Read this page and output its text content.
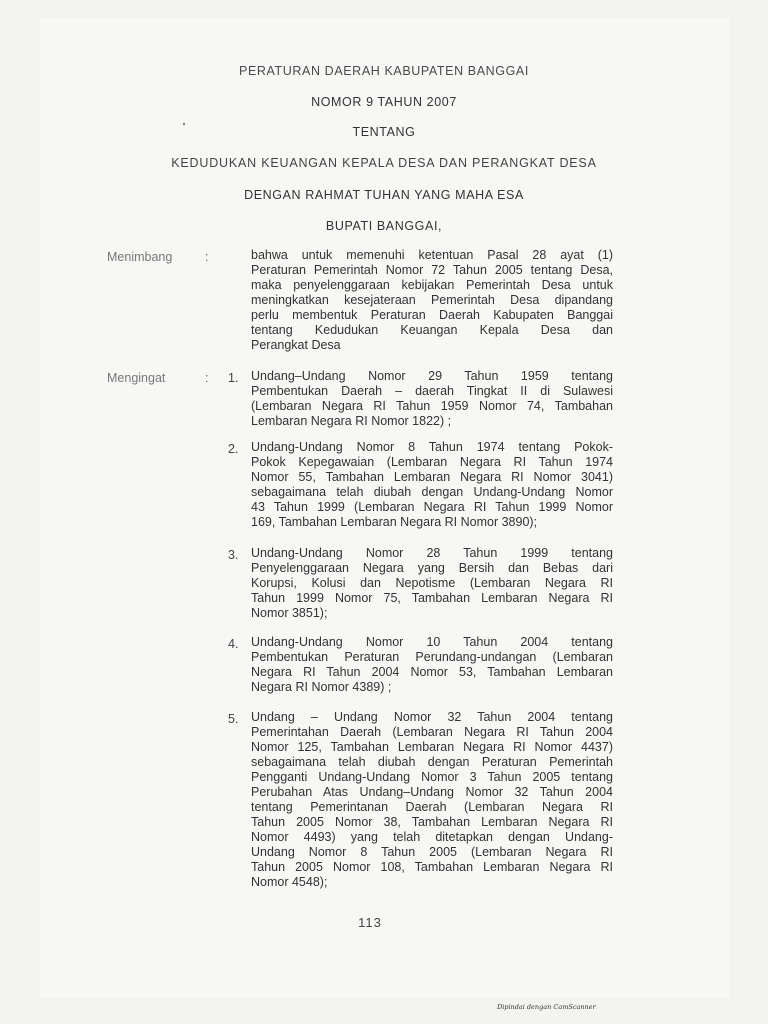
PERATURAN DAERAH KABUPATEN BANGGAI
NOMOR 9 TAHUN 2007
TENTANG
KEDUDUKAN KEUANGAN KEPALA DESA DAN PERANGKAT DESA
DENGAN RAHMAT TUHAN YANG MAHA ESA
BUPATI BANGGAI,
Menimbang	:	bahwa untuk memenuhi ketentuan Pasal 28 ayat (1)
Peraturan Pemerintah Nomor 72 Tahun 2005 tentang Desa,
maka penyelenggaraan kebijakan Pemerintah Desa untuk
meningkatkan kesejateraan Pemerintah Desa dipandang
perlu membentuk Peraturan Daerah Kabupaten Banggai
tentang Kedudukan Keuangan Kepala Desa dan
Perangkat Desa
Mengingat	: 1. Undang–Undang Nomor 29 Tahun 1959 tentang
Pembentukan Daerah – daerah Tingkat II di Sulawesi
(Lembaran Negara RI Tahun 1959 Nomor 74, Tambahan
Lembaran Negara RI Nomor 1822) ;
2. Undang-Undang Nomor 8 Tahun 1974 tentang Pokok-
Pokok Kepegawaian (Lembaran Negara RI Tahun 1974
Nomor 55, Tambahan Lembaran Negara RI Nomor 3041)
sebagaimana telah diubah dengan Undang-Undang Nomor
43 Tahun 1999 (Lembaran Negara RI Tahun 1999 Nomor
169, Tambahan Lembaran Negara RI Nomor 3890);
3. Undang-Undang Nomor 28 Tahun 1999 tentang
Penyelenggaraan Negara yang Bersih dan Bebas dari
Korupsi, Kolusi dan Nepotisme (Lembaran Negara RI
Tahun 1999 Nomor 75, Tambahan Lembaran Negara RI
Nomor 3851);
4. Undang-Undang Nomor 10 Tahun 2004 tentang
Pembentukan Peraturan Perundang-undangan (Lembaran
Negara RI Tahun 2004 Nomor 53, Tambahan Lembaran
Negara RI Nomor 4389) ;
5. Undang – Undang Nomor 32 Tahun 2004 tentang
Pemerintahan Daerah (Lembaran Negara RI Tahun 2004
Nomor 125, Tambahan Lembaran Negara RI Nomor 4437)
sebagaimana telah diubah dengan Peraturan Pemerintah
Pengganti Undang-Undang Nomor 3 Tahun 2005 tentang
Perubahan Atas Undang–Undang Nomor 32 Tahun 2004
tentang Pemerintanan Daerah (Lembaran Negara RI
Tahun 2005 Nomor 38, Tambahan Lembaran Negara RI
Nomor 4493) yang telah ditetapkan dengan Undang-
Undang Nomor 8 Tahun 2005 (Lembaran Negara RI
Tahun 2005 Nomor 108, Tambahan Lembaran Negara RI
Nomor 4548);
113
Dipindai dengan CamScanner
